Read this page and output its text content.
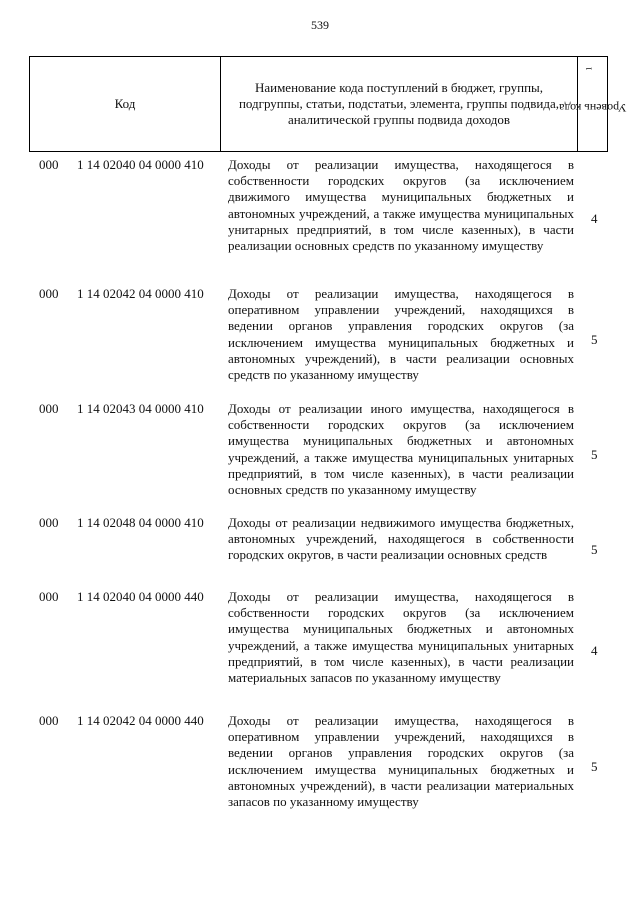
539
Код
Наименование кода поступлений в бюджет, группы, подгруппы, статьи, подстатьи, элемента, группы подвида, аналитической группы подвида доходов
Уровень кода $^1$
000 1 14 02040 04 0000 410 Доходы от реализации имущества, находящегося в собственности городских округов (за исключением движимого имущества муниципальных бюджетных и автономных учреждений, а также имущества муниципальных унитарных предприятий, в том числе казенных), в части реализации основных средств по указанному имуществу
4
000 1 14 02042 04 0000 410 Доходы от реализации имущества, находящегося в оперативном управлении учреждений, находящихся в ведении органов управления городских округов (за исключением имущества муниципальных бюджетных и автономных учреждений), в части реализации основных средств по указанному имуществу
5
000 1 14 02043 04 0000 410 Доходы от реализации иного имущества, находящегося в собственности городских округов (за исключением имущества муниципальных бюджетных и автономных учреждений, а также имущества муниципальных унитарных предприятий, в том числе казенных), в части реализации основных средств по указанному имуществу
5
000 1 14 02048 04 0000 410 Доходы от реализации недвижимого имущества бюджетных, автономных учреждений, находящегося в собственности городских округов, в части реализации основных средств	5
000 1 14 02040 04 0000 440 Доходы от реализации имущества, находящегося в собственности городских округов (за исключением имущества муниципальных бюджетных и автономных учреждений, а также имущества муниципальных унитарных предприятий, в том числе казенных), в части реализации материальных запасов по указанному имуществу
4
000 1 14 02042 04 0000 440 Доходы от реализации имущества, находящегося в оперативном управлении учреждений, находящихся в ведении органов управления городских округов (за исключением имущества муниципальных бюджетных и автономных учреждений), в части реализации материальных запасов по указанному имуществу
5
